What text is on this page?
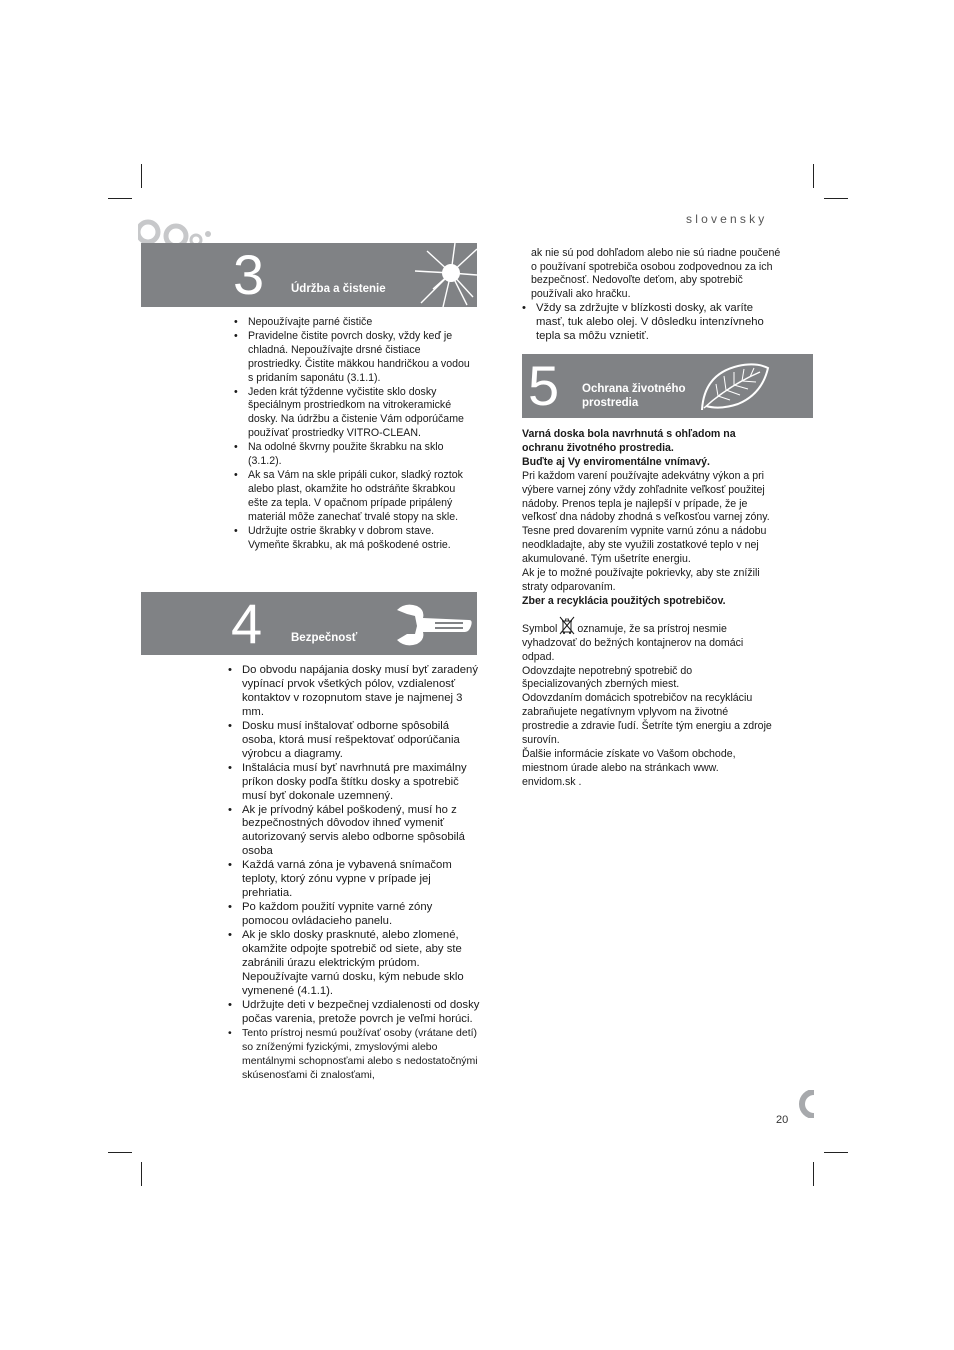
slovensky
3 Údržba a čistenie
• Nepoužívajte parné čističe
• Pravidelne čistite povrch dosky, vždy keď je chladná. Nepoužívajte drsné čistiace prostriedky. Čistite mäkkou handričkou a vodou s pridaním saponátu (3.1.1).
• Jeden krát týždenne vyčistite sklo dosky špeciálnym prostriedkom na vitrokeramické dosky. Na údržbu a čistenie Vám odporúčame používať prostriedky VITRO-CLEAN.
• Na odolné škvrny použite škrabku na sklo (3.1.2).
• Ak sa Vám na skle pripáli cukor, sladký roztok alebo plast, okamžite ho odstráňte škrabkou ešte za tepla. V opačnom prípade pripálený materiál môže zanechať trvalé stopy na skle.
• Udržujte ostrie škrabky v dobrom stave. Vymeňte škrabku, ak má poškodené ostrie.
4	Bezpečnosť
• Do obvodu napájania dosky musí byť zaradený vypínací prvok všetkých pólov, vzdialenosť kontaktov v rozopnutom stave je najmenej 3 mm.
• Dosku musí inštalovať odborne spôsobilá osoba, ktorá musí rešpektovať odporúčania výrobcu a diagramy.
• Inštalácia musí byť navrhnutá pre maximálny príkon dosky podľa štítku dosky a spotrebič musí byť dokonale uzemnený.
• Ak je prívodný kábel poškodený, musí ho z bezpečnostných dôvodov ihneď vymeniť autorizovaný servis alebo odborne spôsobilá osoba
• Každá varná zóna je vybavená snímačom teploty, ktorý zónu vypne v prípade jej prehriatia.
• Po každom použití vypnite varné zóny pomocou ovládacieho panelu.
• Ak je sklo dosky prasknuté, alebo zlomené, okamžite odpojte spotrebič od siete, aby ste zabránili úrazu elektrickým prúdom. Nepoužívajte varnú dosku, kým nebude sklo vymenené (4.1.1).
• Udržujte deti v bezpečnej vzdialenosti od dosky počas varenia, pretože povrch je veľmi horúci.
• Tento prístroj nesmú používať osoby (vrátane detí) so zníženými fyzickými, zmyslovými alebo mentálnymi schopnosťami alebo s nedostatočnými skúsenosťami či znalosťami,
ak nie sú pod dohľadom alebo nie sú riadne poučené o používaní spotrebiča osobou zodpovednou za ich bezpečnosť. Nedovoľte deťom, aby spotrebič používali ako hračku.
• Vždy sa zdržujte v blízkosti dosky, ak varíte masť, tuk alebo olej. V dôsledku intenzívneho tepla sa môžu vznietiť.
5 Ochrana životného
prostredia

Varná doska bola navrhnutá s ohľadom na ochranu životného prostredia.

Buďte aj Vy enviromentálne vnímavý.

Pri každom varení používajte adekvátny výkon a pri výbere varnej zóny vždy zohľadnite veľkosť použitej nádoby. Prenos tepla je najlepší v prípade, že je veľkosť dna nádoby zhodná s veľkosťou varnej zóny.

Tesne pred dovarením vypnite varnú zónu a nádobu neodkladajte, aby ste využili zostatkové teplo v nej akumulované. Tým ušetríte energiu.

Ak je to možné používajte pokrievky, aby ste znížili straty odparovaním.

Zber a recyklácia použitých spotrebičov.

Symbol oznamuje, že sa prístroj nesmie vyhadzovať do bežných kontajnerov na domáci odpad.

Odovzdajte nepotrebný spotrebič do špecializovaných zberných miest.

Odovzdaním domácich spotrebičov na recykláciu zabraňujete negatívnym vplyvom na životné prostredie a zdravie ľudí. Šetríte tým energiu a zdroje surovín.

Ďalšie informácie získate vo Vašom obchode, miestnom úrade alebo na stránkach www. envidom.sk .

20
